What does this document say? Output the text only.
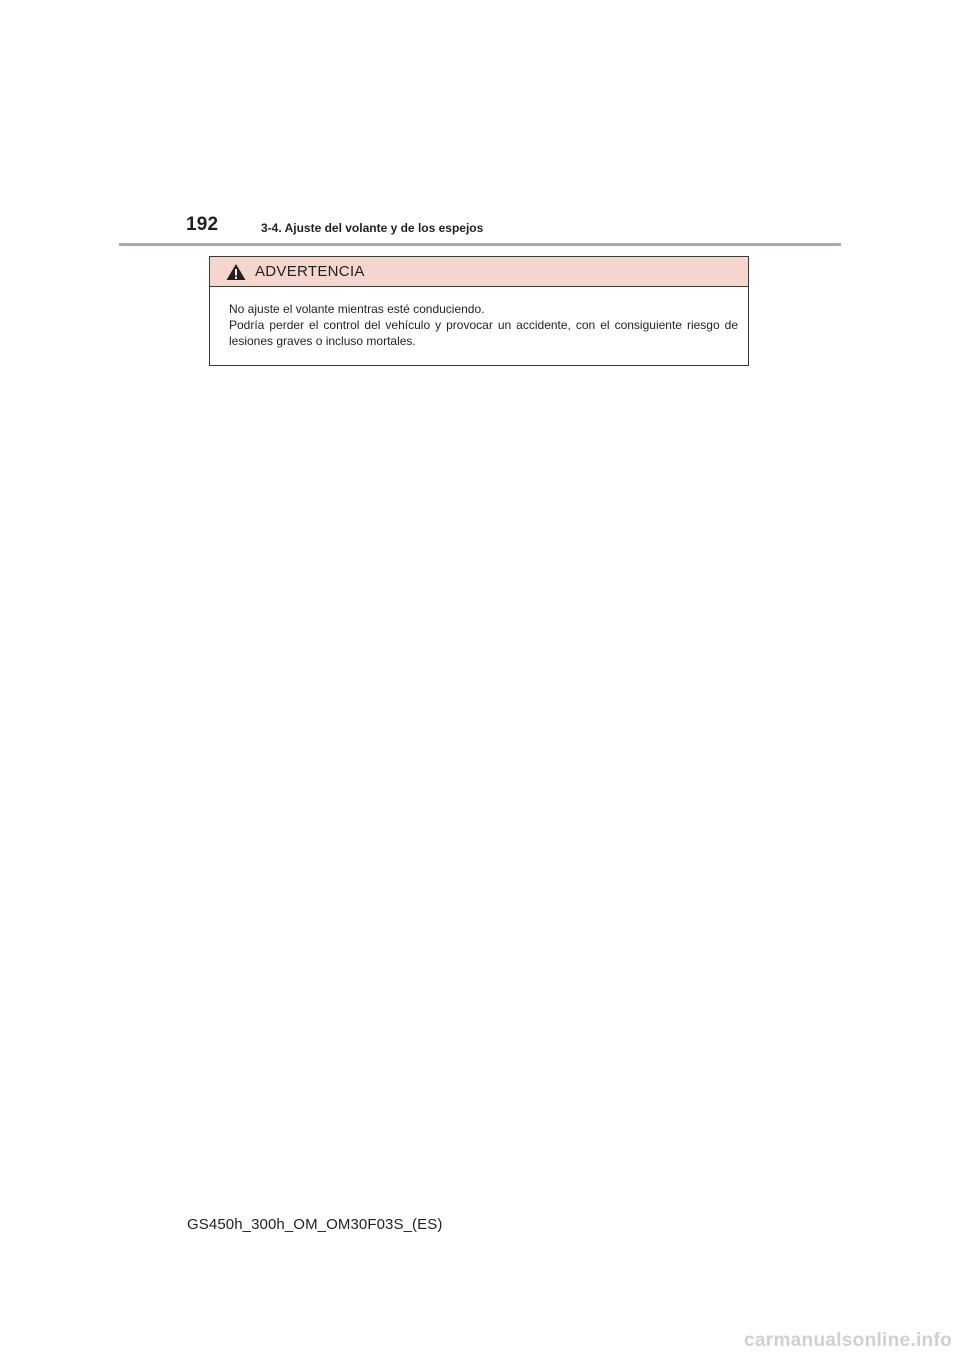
192	3-4. Ajuste del volante y de los espejos
ADVERTENCIA

No ajuste el volante mientras esté conduciendo.

Podría perder el control del vehículo y provocar un accidente, con el consiguiente riesgo de lesiones graves o incluso mortales.

GS450h_300h_OM_OM30F03S_(ES)
carmanualsonline.info
